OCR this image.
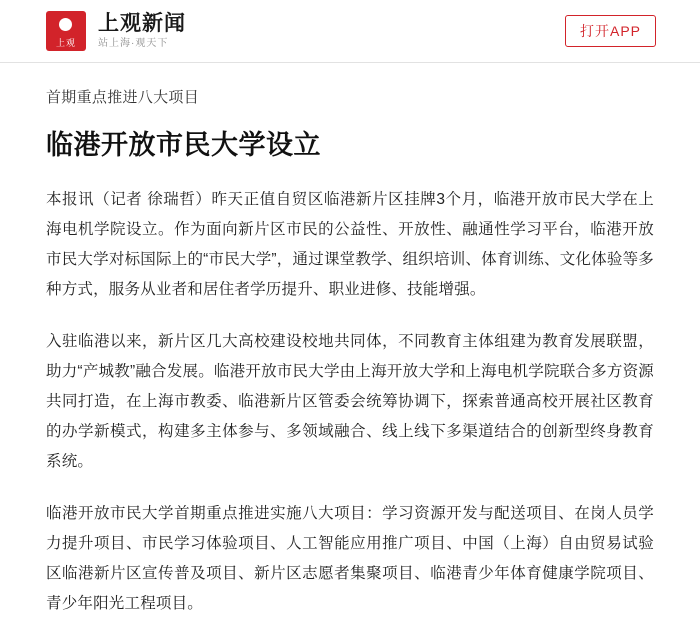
上观
上观新闻
站上海·观天下
打开APP
首期重点推进八大项目
临港开放市民大学设立

本报讯（记者 徐瑞哲）昨天正值自贸区临港新片区挂牌3个月，临港开放市民大学在上海电机学院设立。作为面向新片区市民的公益性、开放性、融通性学习平台，临港开放市民大学对标国际上的“市民大学”，通过课堂教学、组织培训、体育训练、文化体验等多种方式，服务从业者和居住者学历提升、职业进修、技能增强。

入驻临港以来，新片区几大高校建设校地共同体，不同教育主体组建为教育发展联盟，助力“产城教”融合发展。临港开放市民大学由上海开放大学和上海电机学院联合多方资源共同打造，在上海市教委、临港新片区管委会统筹协调下，探索普通高校开展社区教育的办学新模式，构建多主体参与、多领域融合、线上线下多渠道结合的创新型终身教育系统。

临港开放市民大学首期重点推进实施八大项目：学习资源开发与配送项目、在岗人员学力提升项目、市民学习体验项目、人工智能应用推广项目、中国（上海）自由贸易试验区临港新片区宣传普及项目、新片区志愿者集聚项目、临港青少年体育健康学院项目、青少年阳光工程项目。
